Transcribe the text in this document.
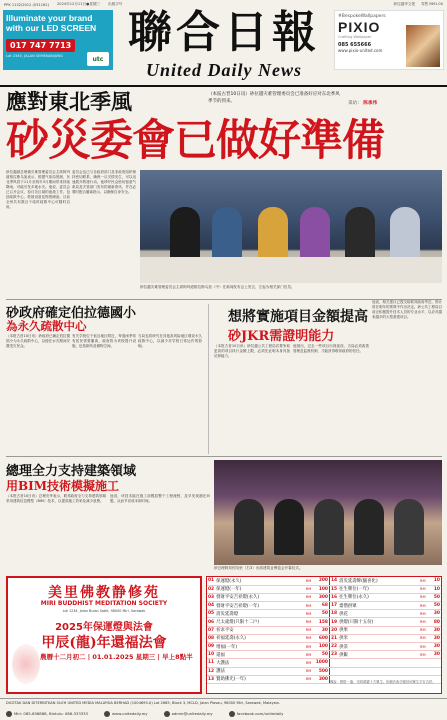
PPK 1132/2012 (031162) 2024年12月11日●星期三 出版字号	砂拉越华文报 零售 RM1.00
Illuminate your brand with our LED SCREEN
017 747 7713
Lot 2345, JALAN SEMENANJUNG	utc
聯合日報
United Daily News
#BespokeWallpapers
PIXIO
Crafting Wallpaper
085 655666
www.pixio-united.com
應對東北季風	（本报古晋10日讯）砂拉越灾难管理委员会已准备好应对东北季风季节的到来。	采访： 陈承伟
砂災委會已做好準備
砂拉越副总理兼灾难管理委员会主席阿玛道格拉斯乌加表示，根据气象局预测，东北季风将于11月至明年3月期间带来持续降雨，可能引发多地水灾。他说，委员会已召开会议，检讨各区域的备战工作，包括疏散中心、救援设备及物资储备。目前全州共有数百个临时疏散中心可随时启用。
委员会也已与各政府部门及非政府组织保持密切联系，确保一旦灾情发生，可以迅速展开救援行动。他呼吁民众密切留意气象局及灾管部门发布的最新资讯，并在必要时配合撤离指示，以确保自身安全。
砂拉越灾难管理委员会主席阿玛道格拉斯乌加（中）在新闻发布会上发言，左起为相关部门官员。
砂政府確定伯拉德國小
為永久疏散中心
（本报古晋10日讯）砂政府已确定伯拉德国小为永久疏散中心，以便在水灾期间安置受灾民众。
有关学校位于低洼地区附近，每逢雨季常有居民需要撤离，政府将为该校提升设施，包括厕所及储物空间。
当局也将研究在其他高风险地区增设永久疏散中心，以减少对学校日常运作的影响。
想將實施項目金額提高
砂JKR需證明能力
（本报古晋10日讯）砂拉越公共工程局若要争取更高的项目执行金额上限，必须先证明本身具备足够能力。
他指出，过去一些项目出现延误，当局必须改善管理及监督机制，才能获得联邦政府的信任。
他说，相关建议已提交给联邦政府考虑，预计将在明年的预算中作出决定。砂公共工程局目前正积极提升技术人员的专业水平，以应对越来越多的大型基建项目。
總理全力支持建築領域
用BIM技術模擬施工
（本报古晋10日讯）总理安华表示，联邦政府全力支持建筑领域采用建筑信息模型（BIM）技术，以提高施工效率及减少浪费。
他说，该技术能在施工前模拟整个工程流程，及早发现潜在问题，从而节省成本和时间。
砂总理阿邦佐哈里（右3）出席建筑业博览会开幕仪式。
美里佛教静修苑
MIRI BUDDHIST MEDITATION SOCIETY
Lot 1234, Jalan Bulan Sabit, 98000 Miri, Sarawak
2025年保運燈與法會
甲辰(龍)年還福法會
農曆十二月初二 | 01.01.2025 星期三 | 早上8點半
01	保運燈(永久)	RM	200	14	消災延壽牌(隨喜化)	RM	10
02	保運燈(一年)	RM	100	15	往生牌位(一年)	RM	10
03	發財平安吉祥燈(永久)	RM	300	16	往生牌位(永久)	RM	50
04	發財平安吉祥燈(一年)	RM	68	17	齋僧供眾	RM	50
05	消災延壽燈	RM	50	18	供花	RM	30
06	尺太歲燈(只限十二戶)	RM	158	19	供燈(只限十五份)	RM	80
07	祈求平安	RM	30	20	供果	RM	30
08	祈福延壽(永久)	RM	600	21	供米	RM	30
09	增福(一年)	RM	100	22	供茶	RM	30
10	還福	RM	50	23	供飯	RM	30
11	大護法	RM	1000				
12	護法	RM	500				
13	贊助佛光(一年)	RM	300				
佛說：燃燈一盞，光明照耀十方眾生。祈願法會功德回向眾生平安吉祥。
DICETAK DAN DITERBITKAN OLEH UNITED MEDIA MALAYSIA BERHAD (1004695-X) Lot 2685, Block 3, MCLD, Jalan Piasau, 98000 Miri, Sarawak, Malaysia.
Miri: 085-658888, Bintulu: 086-333333	www.unitedaily.my	admin@unitedaily.my	facebook.com/unitedaily
